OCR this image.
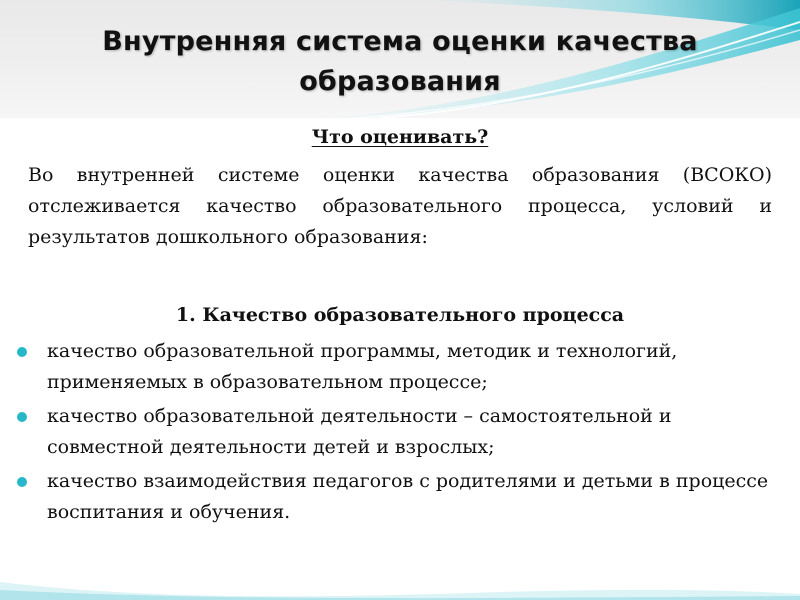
Внутренняя система оценки качества образования
Что оценивать?
Во внутренней системе оценки качества образования (ВСОКО) отслеживается качество образовательного процесса, условий и результатов дошкольного образования:
1. Качество образовательного процесса
качество образовательной программы, методик и технологий, применяемых в образовательном процессе;
качество образовательной деятельности – самостоятельной и совместной деятельности детей и взрослых;
качество взаимодействия педагогов с родителями и детьми в процессе воспитания и обучения.
